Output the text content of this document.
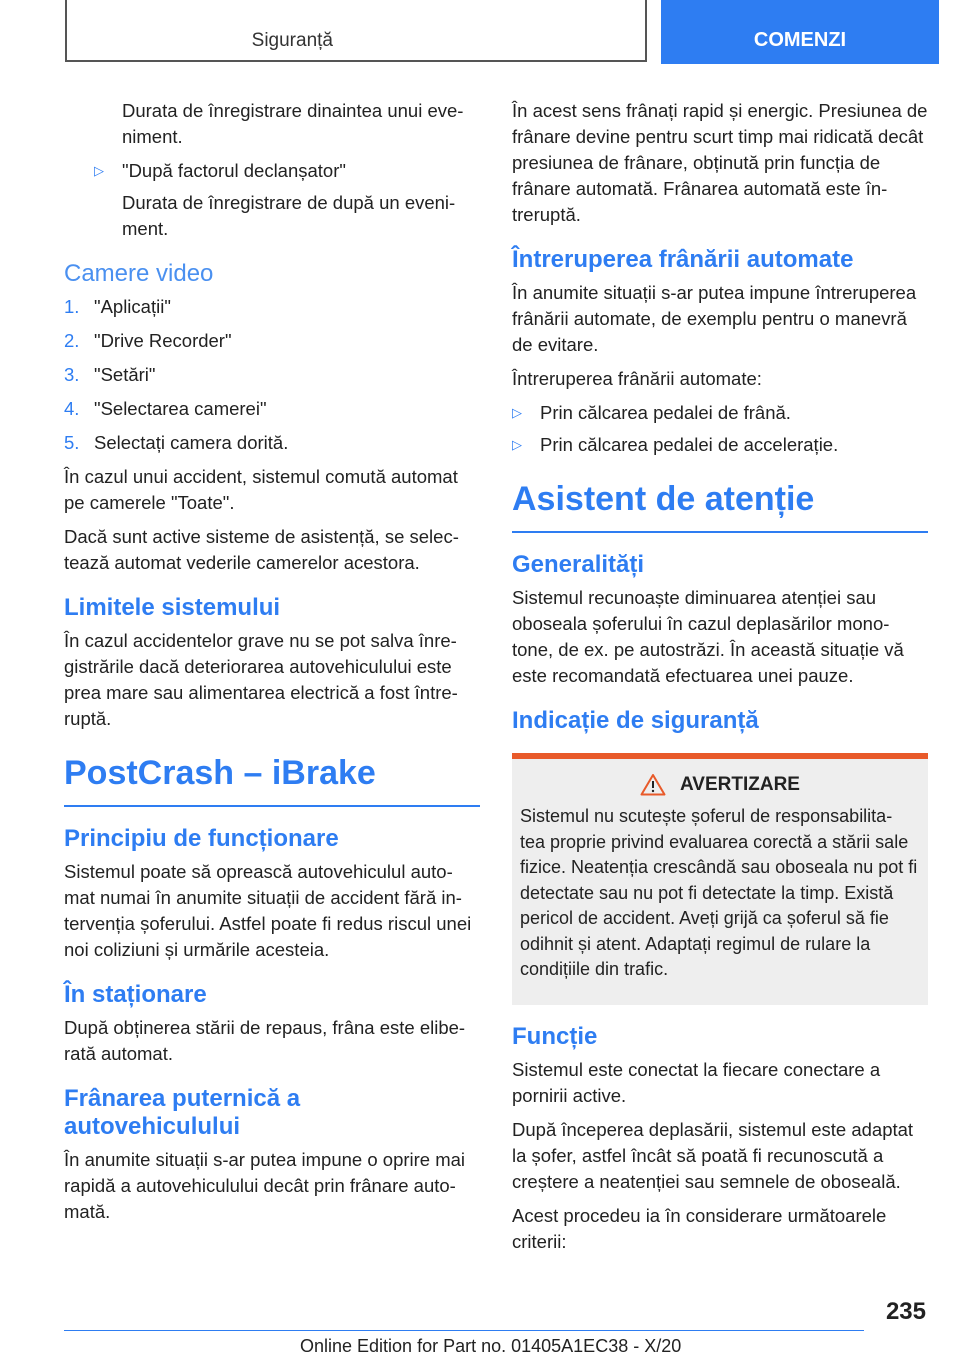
Siguranță	COMENZI

Durata de înregistrare dinaintea unui eve‐ niment.

▷ "După factorul declanșator"

Durata de înregistrare de după un eveni‐ ment.

Camere video
1. "Aplicații"
2. "Drive Recorder"
3. "Setări"
4. "Selectarea camerei"
5. Selectați camera dorită.

În cazul unui accident, sistemul comută automat pe camerele "Toate".

Dacă sunt active sisteme de asistență, se selec‐ tează automat vederile camerelor acestora.

Limitele sistemului

În cazul accidentelor grave nu se pot salva înre‐ gistrările dacă deteriorarea autovehiculului este prea mare sau alimentarea electrică a fost între‐ ruptă.

PostCrash – iBrake
Principiu de funcționare

Sistemul poate să oprească autovehiculul auto‐ mat numai în anumite situații de accident fără in‐ tervenția șoferului. Astfel poate fi redus riscul unei noi coliziuni și urmările acesteia.

În staționare

După obținerea stării de repaus, frâna este elibe‐ rată automat.

Frânarea puternică a autovehiculului

În anumite situații s-ar putea impune o oprire mai rapidă a autovehiculului decât prin frânare auto‐ mată.

În acest sens frânați rapid și energic. Presiunea de frânare devine pentru scurt timp mai ridicată decât presiunea de frânare, obținută prin funcția de frânare automată. Frânarea automată este în‐ treruptă.

Întreruperea frânării automate

În anumite situații s-ar putea impune întreruperea frânării automate, de exemplu pentru o manevră de evitare.

Întreruperea frânării automate:

▷ Prin călcarea pedalei de frână.
▷ Prin călcarea pedalei de accelerație.
Asistent de atenție
Generalități

Sistemul recunoaște diminuarea atenției sau oboseala șoferului în cazul deplasărilor mono‐ tone, de ex. pe autostrăzi. În această situație vă este recomandată efectuarea unei pauze.

Indicație de siguranță
AVERTIZARE

Sistemul nu scutește șoferul de responsabilita‐ tea proprie privind evaluarea corectă a stării sale fizice. Neatenția crescândă sau oboseala nu pot fi detectate sau nu pot fi detectate la timp. Există pericol de accident. Aveți grijă ca șoferul să fie odihnit și atent. Adaptați regimul de rulare la condițiile din trafic.

Funcție

Sistemul este conectat la fiecare conectare a pornirii active.

După începerea deplasării, sistemul este adaptat la șofer, astfel încât să poată fi recunoscută a creștere a neatenției sau semnele de oboseală.

Acest procedeu ia în considerare următoarele criterii:

235
Online Edition for Part no. 01405A1EC38 - X/20
